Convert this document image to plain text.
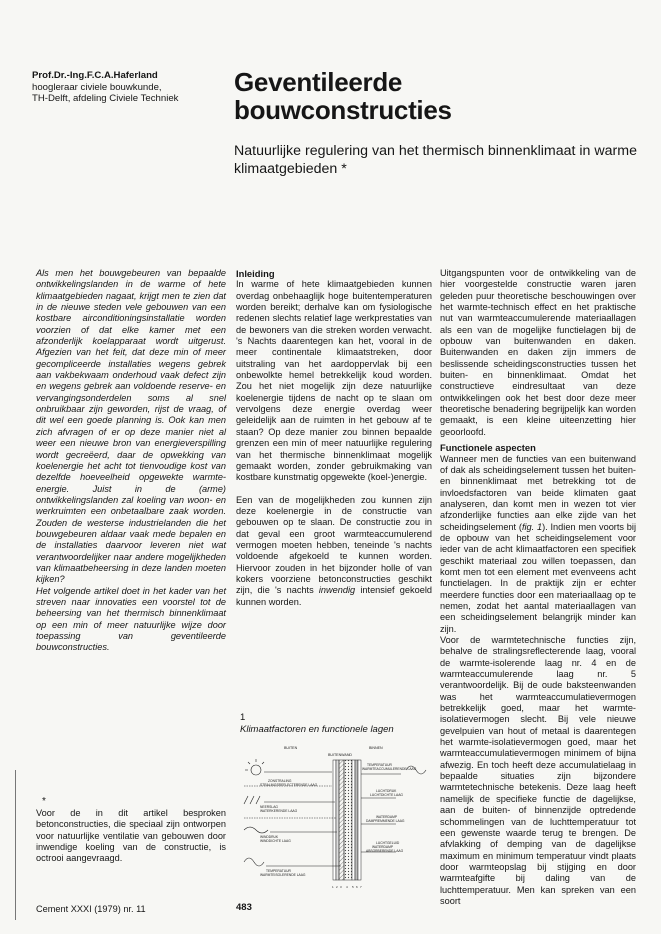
Prof.Dr.-Ing.F.C.A.Haferland
hoogleraar civiele bouwkunde,
TH-Delft, afdeling Civiele Techniek
Geventileerde
bouwconstructies
Natuurlijke regulering van het thermisch binnenklimaat in warme klimaatgebieden *

Als men het bouwgebeuren van bepaalde ontwikkelingslanden in de warme of hete klimaatgebieden nagaat, krijgt men te zien dat in de nieuwe steden vele gebouwen van een kostbare airconditioningsinstallatie worden voorzien of dat elke kamer met een afzonderlijk koelapparaat wordt uitgerust. Afgezien van het feit, dat deze min of meer gecompliceerde installaties wegens gebrek aan vakbekwaam onderhoud vaak defect zijn en wegens gebrek aan voldoende reserve- en vervangingsonderdelen soms al snel onbruikbaar zijn geworden, rijst de vraag, of dit wel een goede planning is. Ook kan men zich afvragen of er op deze manier niet al weer een nieuwe bron van energieverspilling wordt gecreëerd, daar de opwekking van koelenergie het acht tot tienvoudige kost van dezelfde hoeveelheid opgewekte warmte-energie. Juist in de (arme) ontwikkelingslanden zal koeling van woon- en werkruimten een onbetaalbare zaak worden. Zouden de westerse industrielanden die het bouwgebeuren aldaar vaak mede bepalen en de installaties daarvoor leveren niet wat verantwoordelijker naar andere mogelijkheden van klimaatbeheersing in deze landen moeten kijken?

Het volgende artikel doet in het kader van het streven naar innovaties een voorstel tot de beheersing van het thermisch binnenklimaat op een min of meer natuurlijke wijze door toepassing van geventileerde bouwconstructies.

*
Voor de in dit artikel besproken betonconstructies, die speciaal zijn ontworpen voor natuurlijke ventilatie van gebouwen door inwendige koeling van de constructie, is octrooi aangevraagd.
Inleiding

In warme of hete klimaatgebieden kunnen overdag onbehaaglijk hoge buitentemperaturen worden bereikt; derhalve kan om fysiologische redenen slechts relatief lage werkprestaties van de bewoners van die streken worden verwacht. 's Nachts daarentegen kan het, vooral in de meer continentale klimaatstreken, door uitstraling van het aardoppervlak bij een onbewolkte hemel betrekkelijk koud worden. Zou het niet mogelijk zijn deze natuurlijke koelenergie tijdens de nacht op te slaan om vervolgens deze energie overdag weer geleidelijk aan de ruimten in het gebouw af te staan? Op deze manier zou binnen bepaalde grenzen een min of meer natuurlijke regulering van het thermische binnenklimaat mogelijk gemaakt worden, zonder gebruikmaking van kostbare kunstmatig opgewekte (koel-)energie.

Een van de mogelijkheden zou kunnen zijn deze koelenergie in de constructie van gebouwen op te slaan. De constructie zou in dat geval een groot warmteaccumulerend vermogen moeten hebben, teneinde 's nachts voldoende afgekoeld te kunnen worden. Hiervoor zouden in het bijzonder holle of van kokers voorziene betonconstructies geschikt zijn, die 's nachts inwendig intensief gekoeld kunnen worden.

1
Klimaatfactoren en functionele lagen
BUITEN	BINNEN
BUITENWAND
ZONSTRALING
STRALINGSREFLECTERENDE LAAG
NEERSLAG
WATERKERENDE LAAG
WINDDRUK
WINDDICHTE LAAG
TEMPERATUUR
WARMTEISOLERENDE LAAG
TEMPERATUUR
WARMTEACCUMULERENDE LAAG
LUCHTDRUK
LUCHTDICHTE LAAG
WATERDAMP
DAMPREMMENDE LAAG
LUCHTGELUID
WATERDAMP
ABSORBERENDE LAAG
1 2 3 4 5 6 7

Uitgangspunten voor de ontwikkeling van de hier voorgestelde constructie waren jaren geleden puur theoretische beschouwingen over het warmte-technisch effect en het praktische nut van warmteaccumulerende materiaallagen als een van de mogelijke functielagen bij de opbouw van buitenwanden en daken. Buitenwanden en daken zijn immers de beslissende scheidingsconstructies tussen het buiten- en binnenklimaat. Omdat het constructieve eindresultaat van deze ontwikkelingen ook het best door deze meer theoretische benadering begrijpelijk kan worden gemaakt, is een kleine uiteenzetting hier geoorloofd.

Functionele aspecten

Wanneer men de functies van een buitenwand of dak als scheidingselement tussen het buiten- en binnenklimaat met betrekking tot de invloedsfactoren van beide klimaten gaat analyseren, dan komt men in wezen tot vier afzonderlijke functies aan elke zijde van het scheidingselement (fig. 1). Indien men voorts bij de opbouw van het scheidingselement voor ieder van de acht klimaatfactoren een specifiek geschikt materiaal zou willen toepassen, dan komt men tot een element met evenveens acht functielagen. In de praktijk zijn er echter meerdere functies door een materiaallaag op te nemen, zodat het aantal materiaallagen van een scheidingselement belangrijk minder kan zijn.

Voor de warmtetechnische functies zijn, behalve de stralingsreflecterende laag, vooral de warmte-isolerende laag nr. 4 en de warmteaccumulerende laag nr. 5 verantwoordelijk. Bij de oude baksteenwanden was het warmteaccumulatievermogen betrekkelijk goed, maar het warmte-isolatievermogen slecht. Bij vele nieuwe gevelpuien van hout of metaal is daarentegen het warmte-isolatievermogen goed, maar het warmteaccumulatievermogen minimem of bijna afwezig. En toch heeft deze accumulatielaag in bepaalde situaties zijn bijzondere warmtetechnische betekenis. Deze laag heeft namelijk de specifieke functie de dagelijkse, aan de buiten- of binnenzijde optredende schommelingen van de luchttemperatuur tot een gewenste waarde terug te brengen. De afvlakking of demping van de dagelijkse maximum en minimum temperatuur vindt plaats door warmteopslag bij stijging en door warmteafgifte bij daling van de luchttemperatuur. Men kan spreken van een soort

Cement XXXI (1979) nr. 11	483
